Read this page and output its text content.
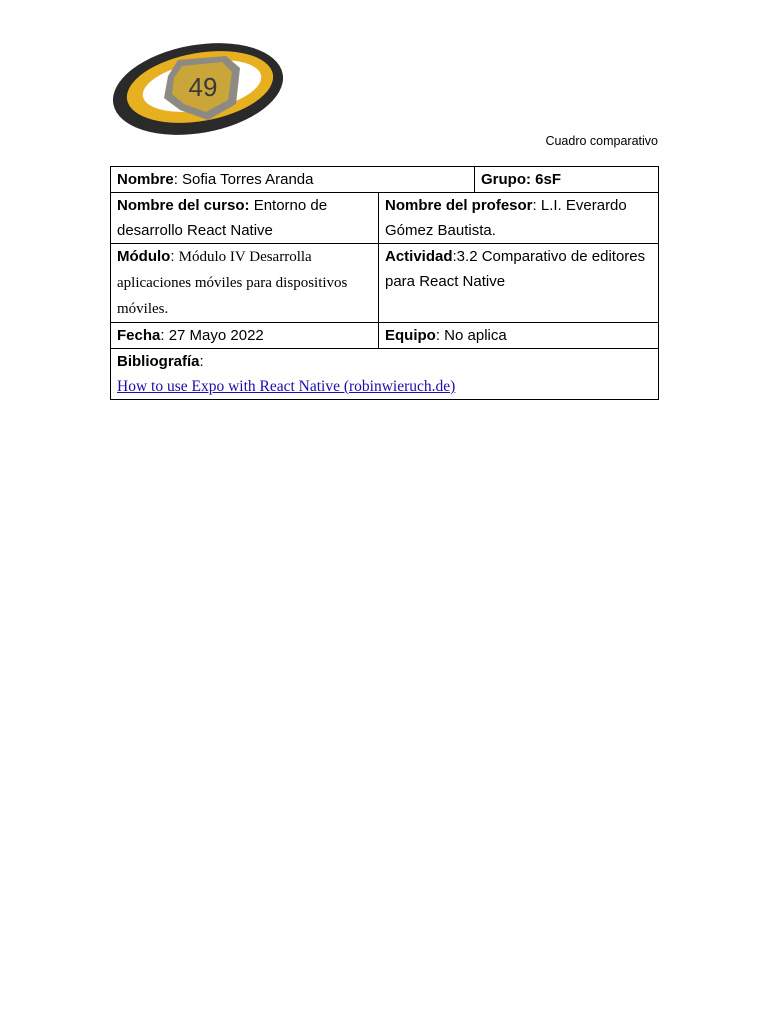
49
Cuadro comparativo
Nombre: Sofia Torres Aranda		Grupo: 6sF
Nombre del curso: Entorno de desarrollo React Native	Nombre del profesor: L.I. Everardo Gómez Bautista.	
Módulo: Módulo IV Desarrolla aplicaciones móviles para dispositivos móviles.	Actividad:3.2 Comparativo de editores para React Native	
Fecha: 27 Mayo 2022	Equipo: No aplica	

Bibliografía:
How to use Expo with React Native (robinwieruch.de)		
